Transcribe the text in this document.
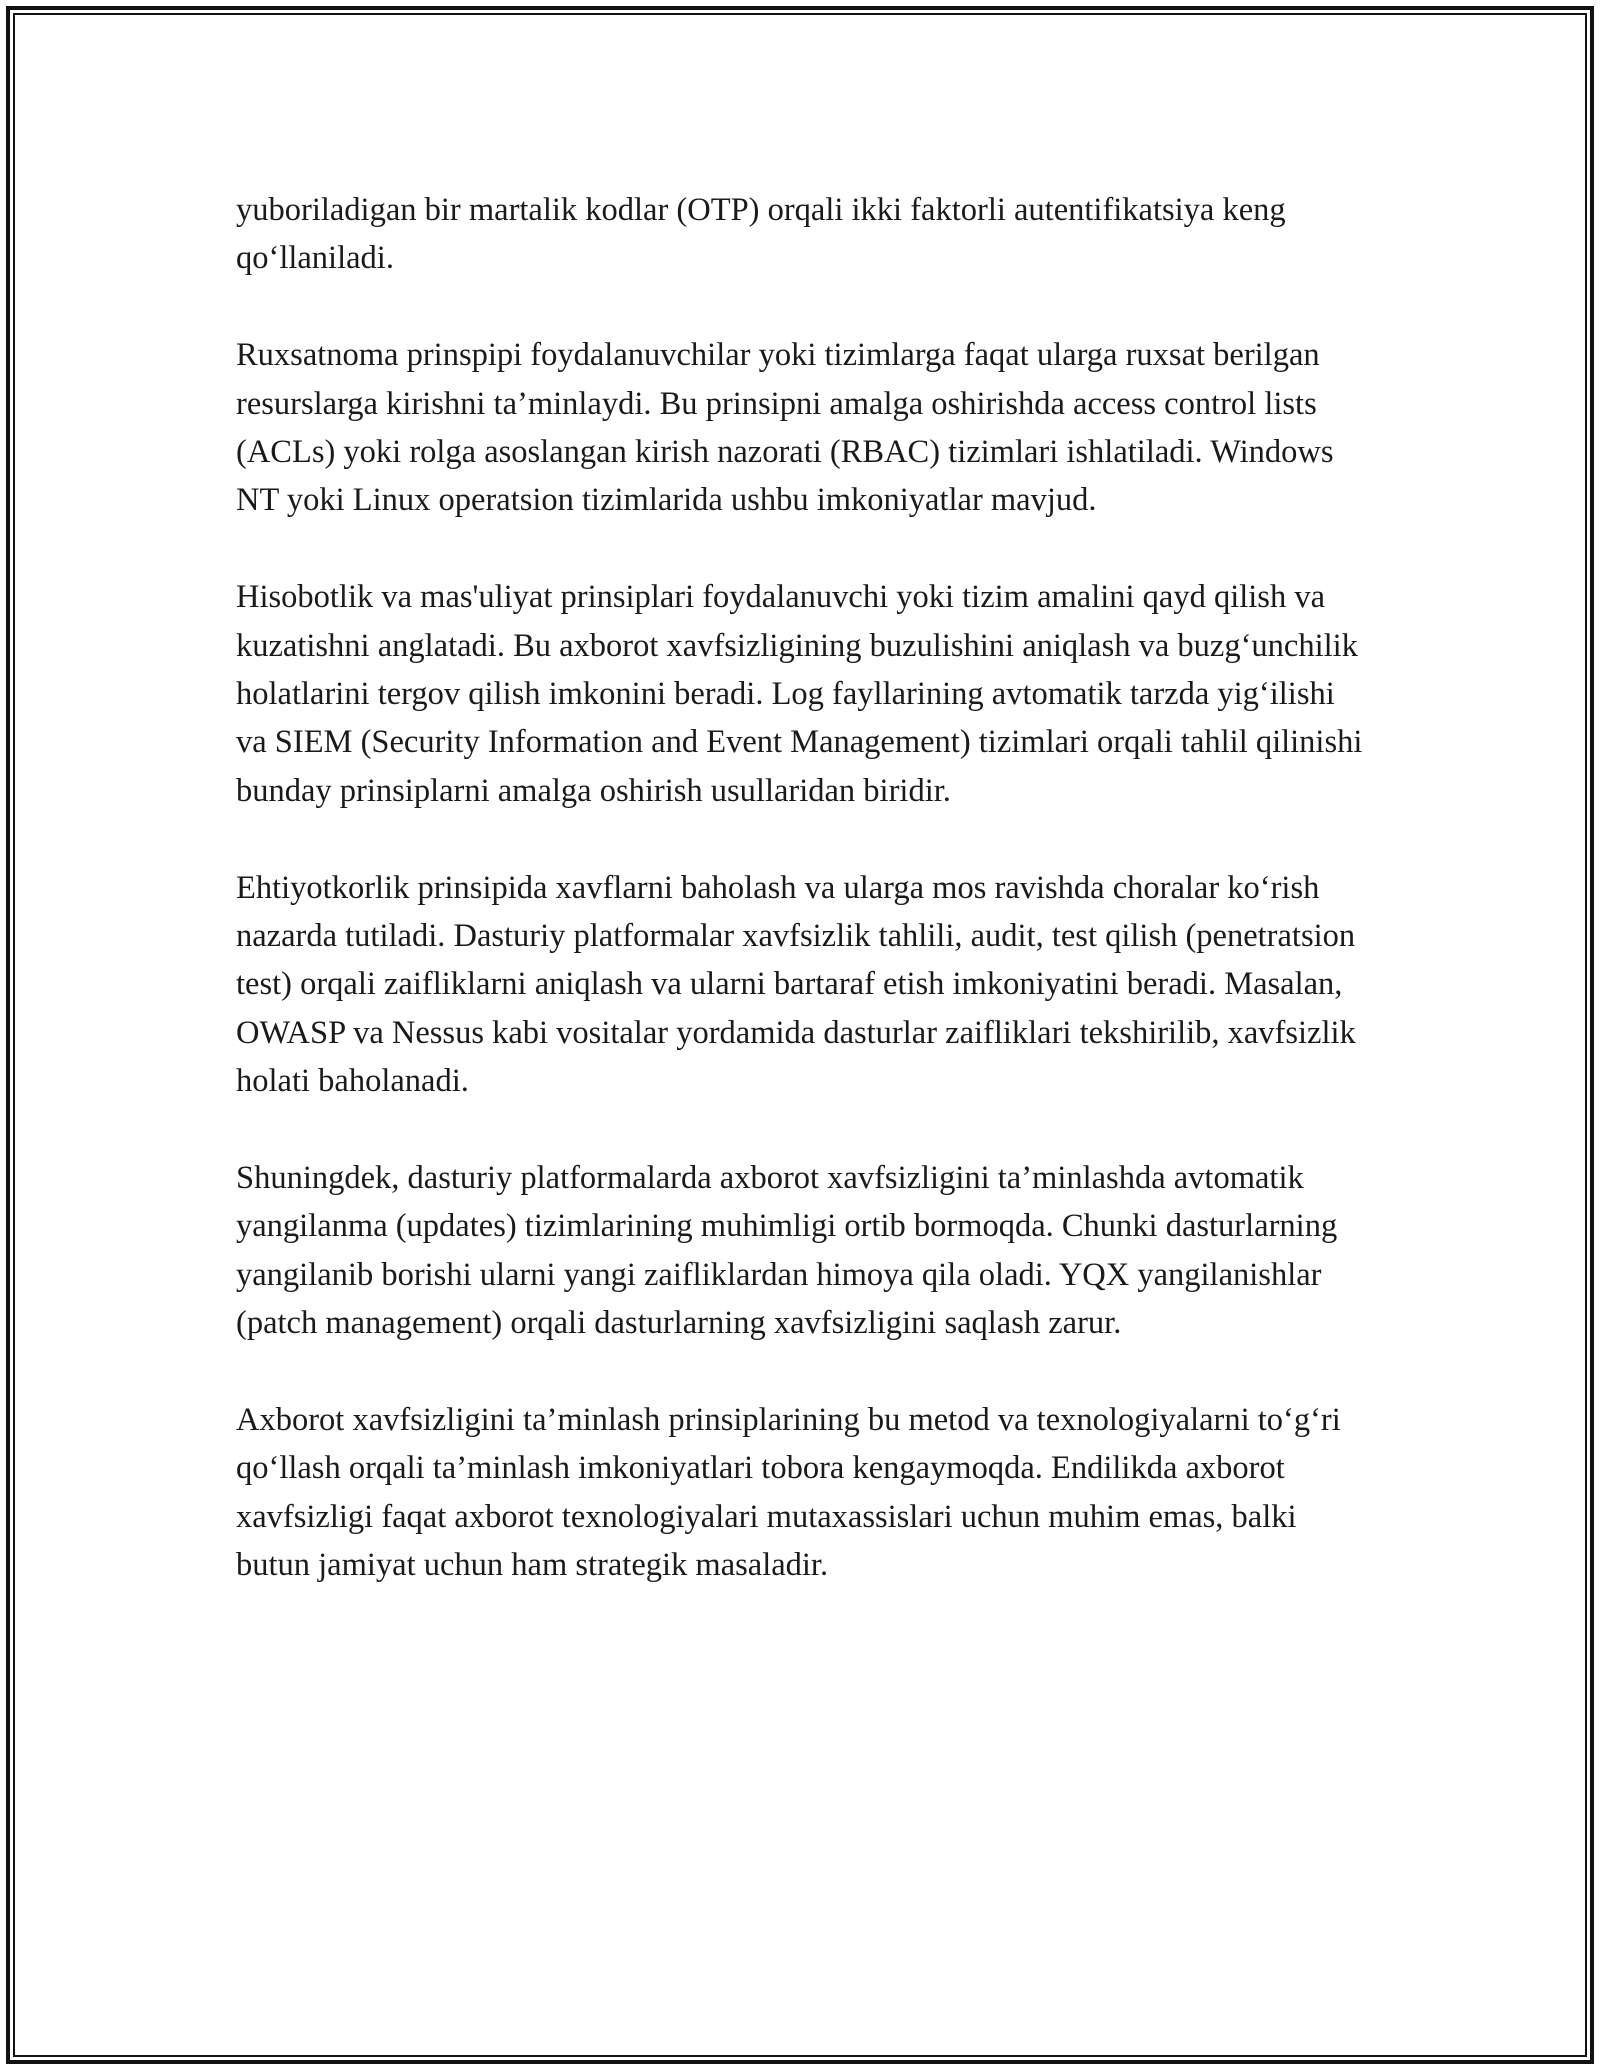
yuboriladigan bir martalik kodlar (OTP) orqali ikki faktorli autentifikatsiya keng qo‘llaniladi.

Ruxsatnoma prinspipi foydalanuvchilar yoki tizimlarga faqat ularga ruxsat berilgan resurslarga kirishni ta’minlaydi. Bu prinsipni amalga oshirishda access control lists (ACLs) yoki rolga asoslangan kirish nazorati (RBAC) tizimlari ishlatiladi. Windows NT yoki Linux operatsion tizimlarida ushbu imkoniyatlar mavjud.

Hisobotlik va mas'uliyat prinsiplari foydalanuvchi yoki tizim amalini qayd qilish va kuzatishni anglatadi. Bu axborot xavfsizligining buzulishini aniqlash va buzg‘unchilik holatlarini tergov qilish imkonini beradi. Log fayllarining avtomatik tarzda yig‘ilishi va SIEM (Security Information and Event Management) tizimlari orqali tahlil qilinishi bunday prinsiplarni amalga oshirish usullaridan biridir.

Ehtiyotkorlik prinsipida xavflarni baholash va ularga mos ravishda choralar ko‘rish nazarda tutiladi. Dasturiy platformalar xavfsizlik tahlili, audit, test qilish (penetratsion test) orqali zaifliklarni aniqlash va ularni bartaraf etish imkoniyatini beradi. Masalan, OWASP va Nessus kabi vositalar yordamida dasturlar zaifliklari tekshirilib, xavfsizlik holati baholanadi.

Shuningdek, dasturiy platformalarda axborot xavfsizligini ta’minlashda avtomatik yangilanma (updates) tizimlarining muhimligi ortib bormoqda. Chunki dasturlarning yangilanib borishi ularni yangi zaifliklardan himoya qila oladi. YQX yangilanishlar (patch management) orqali dasturlarning xavfsizligini saqlash zarur.

Axborot xavfsizligini ta’minlash prinsiplarining bu metod va texnologiyalarni to‘g‘ri qo‘llash orqali ta’minlash imkoniyatlari tobora kengaymoqda. Endilikda axborot xavfsizligi faqat axborot texnologiyalari mutaxassislari uchun muhim emas, balki butun jamiyat uchun ham strategik masaladir.
